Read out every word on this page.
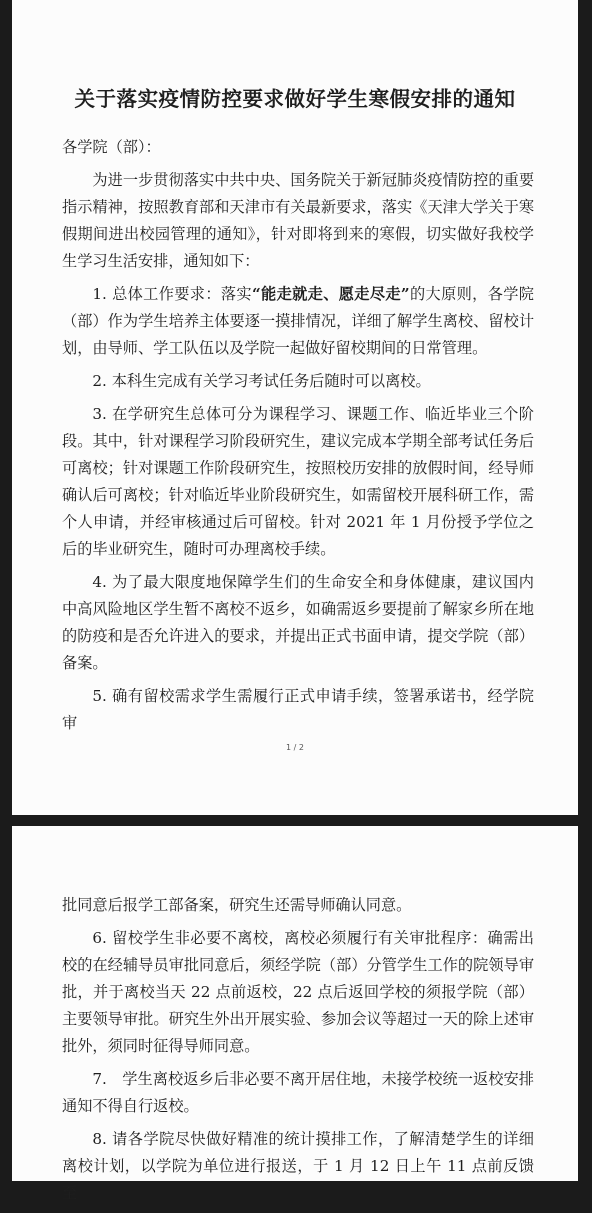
关于落实疫情防控要求做好学生寒假安排的通知

各学院（部）：

为进一步贯彻落实中共中央、国务院关于新冠肺炎疫情防控的重要指示精神，按照教育部和天津市有关最新要求，落实《天津大学关于寒假期间进出校园管理的通知》，针对即将到来的寒假，切实做好我校学生学习生活安排，通知如下：

1. 总体工作要求：落实“能走就走、愿走尽走”的大原则，各学院（部）作为学生培养主体要逐一摸排情况，详细了解学生离校、留校计划，由导师、学工队伍以及学院一起做好留校期间的日常管理。

2. 本科生完成有关学习考试任务后随时可以离校。

3. 在学研究生总体可分为课程学习、课题工作、临近毕业三个阶段。其中，针对课程学习阶段研究生，建议完成本学期全部考试任务后可离校；针对课题工作阶段研究生，按照校历安排的放假时间，经导师确认后可离校；针对临近毕业阶段研究生，如需留校开展科研工作，需个人申请，并经审核通过后可留校。针对 2021 年 1 月份授予学位之后的毕业研究生，随时可办理离校手续。

4. 为了最大限度地保障学生们的生命安全和身体健康，建议国内中高风险地区学生暂不离校不返乡，如确需返乡要提前了解家乡所在地的防疫和是否允许进入的要求，并提出正式书面申请，提交学院（部）备案。

5. 确有留校需求学生需履行正式申请手续，签署承诺书，经学院审

1 / 2

批同意后报学工部备案，研究生还需导师确认同意。

6. 留校学生非必要不离校，离校必须履行有关审批程序：确需出校的在经辅导员审批同意后，须经学院（部）分管学生工作的院领导审批，并于离校当天 22 点前返校，22 点后返回学校的须报学院（部）主要领导审批。研究生外出开展实验、参加会议等超过一天的除上述审批外，须同时征得导师同意。

7.　学生离校返乡后非必要不离开居住地，未接学校统一返校安排通知不得自行返校。

8. 请各学院尽快做好精准的统计摸排工作，了解清楚学生的详细离校计划，以学院为单位进行报送，于 1 月 12 日上午 11 点前反馈至
